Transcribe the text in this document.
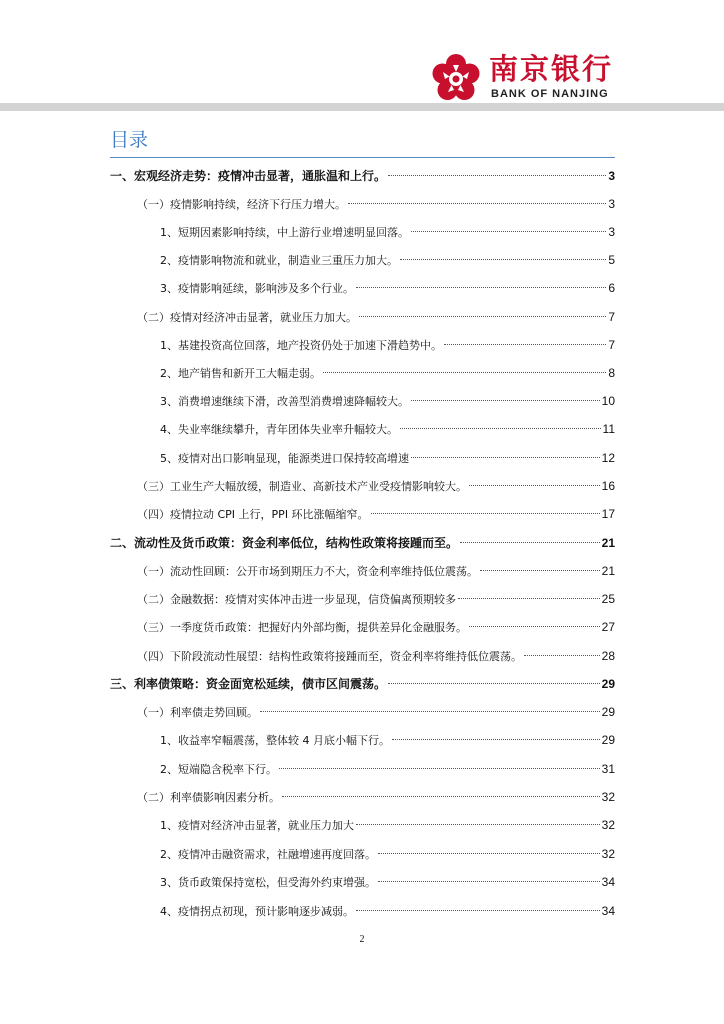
南京银行
BANK OF NANJING
目录
一、宏观经济走势：疫情冲击显著，通胀温和上行。	3
（一）疫情影响持续，经济下行压力增大。	3
1、短期因素影响持续，中上游行业增速明显回落。	3
2、疫情影响物流和就业，制造业三重压力加大。	5
3、疫情影响延续，影响涉及多个行业。	6
（二）疫情对经济冲击显著，就业压力加大。	7
1、基建投资高位回落，地产投资仍处于加速下滑趋势中。	7
2、地产销售和新开工大幅走弱。	8
3、消费增速继续下滑，改善型消费增速降幅较大。	10
4、失业率继续攀升，青年团体失业率升幅较大。	11
5、疫情对出口影响显现，能源类进口保持较高增速	12
（三）工业生产大幅放缓，制造业、高新技术产业受疫情影响较大。	16
（四）疫情拉动 CPI 上行，PPI 环比涨幅缩窄。	17
二、流动性及货币政策：资金利率低位，结构性政策将接踵而至。	21
（一）流动性回顾：公开市场到期压力不大，资金利率维持低位震荡。	21
（二）金融数据：疫情对实体冲击进一步显现，信贷偏离预期较多	25
（三）一季度货币政策：把握好内外部均衡，提供差异化金融服务。	27
（四）下阶段流动性展望：结构性政策将接踵而至，资金利率将维持低位震荡。	28
三、利率债策略：资金面宽松延续，债市区间震荡。	29
（一）利率债走势回顾。	29
1、收益率窄幅震荡，整体较 4 月底小幅下行。	29
2、短端隐含税率下行。	31
（二）利率债影响因素分析。	32
1、疫情对经济冲击显著，就业压力加大	32
2、疫情冲击融资需求，社融增速再度回落。	32
3、货币政策保持宽松，但受海外约束增强。	34
4、疫情拐点初现，预计影响逐步减弱。	34
2
